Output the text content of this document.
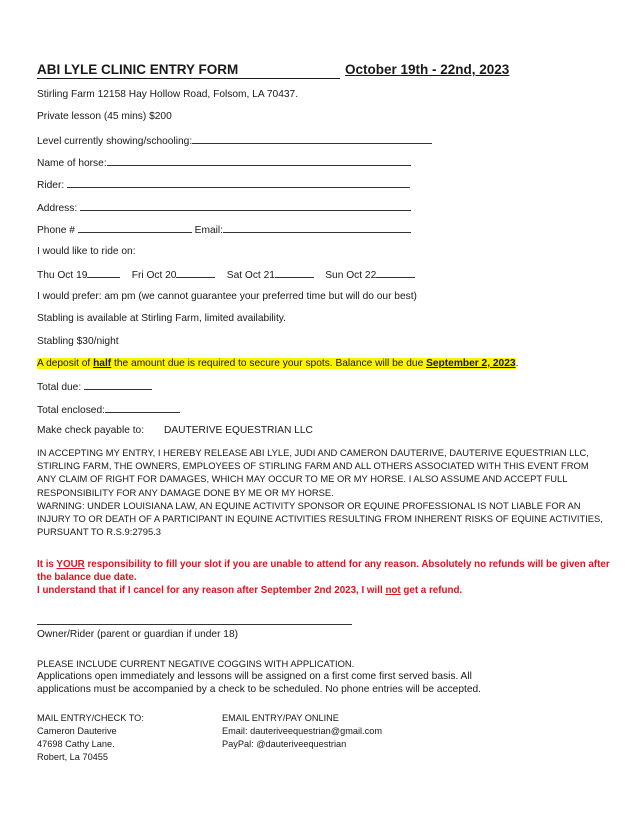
ABI LYLE CLINIC ENTRY FORM	October 19th - 22nd, 2023
Stirling Farm 12158 Hay Hollow Road, Folsom, LA 70437.
Private lesson (45 mins) $200
Level currently showing/schooling:
Name of horse:
Rider:
Address:
Phone #	Email:
I would like to ride on:
Thu Oct 19	Fri Oct 20	Sat Oct 21	Sun Oct 22
I would prefer: am pm (we cannot guarantee your preferred time but will do our best)
Stabling is available at Stirling Farm, limited availability.
Stabling $30/night
A deposit of half the amount due is required to secure your spots. Balance will be due September 2, 2023.
Total due:
Total enclosed:
Make check payable to: DAUTERIVE EQUESTRIAN LLC
IN ACCEPTING MY ENTRY, I HEREBY RELEASE ABI LYLE, JUDI AND CAMERON DAUTERIVE, DAUTERIVE EQUESTRIAN LLC, STIRLING FARM, THE OWNERS, EMPLOYEES OF STIRLING FARM AND ALL OTHERS ASSOCIATED WITH THIS EVENT FROM ANY CLAIM OF RIGHT FOR DAMAGES, WHICH MAY OCCUR TO ME OR MY HORSE. I ALSO ASSUME AND ACCEPT FULL RESPONSIBILITY FOR ANY DAMAGE DONE BY ME OR MY HORSE.
WARNING: UNDER LOUISIANA LAW, AN EQUINE ACTIVITY SPONSOR OR EQUINE PROFESSIONAL IS NOT LIABLE FOR AN INJURY TO OR DEATH OF A PARTICIPANT IN EQUINE ACTIVITIES RESULTING FROM INHERENT RISKS OF EQUINE ACTIVITIES, PURSUANT TO R.S.9:2795.3
It is YOUR responsibility to fill your slot if you are unable to attend for any reason. Absolutely no refunds will be given after the balance due date.
I understand that if I cancel for any reason after September 2nd 2023, I will not get a refund.
Owner/Rider (parent or guardian if under 18)
PLEASE INCLUDE CURRENT NEGATIVE COGGINS WITH APPLICATION.
Applications open immediately and lessons will be assigned on a first come first served basis. All applications must be accompanied by a check to be scheduled. No phone entries will be accepted.
MAIL ENTRY/CHECK TO:
Cameron Dauterive
47698 Cathy Lane.
Robert, La 70455
EMAIL ENTRY/PAY ONLINE
Email: dauteriveequestrian@gmail.com
PayPal: @dauteriveequestrian
